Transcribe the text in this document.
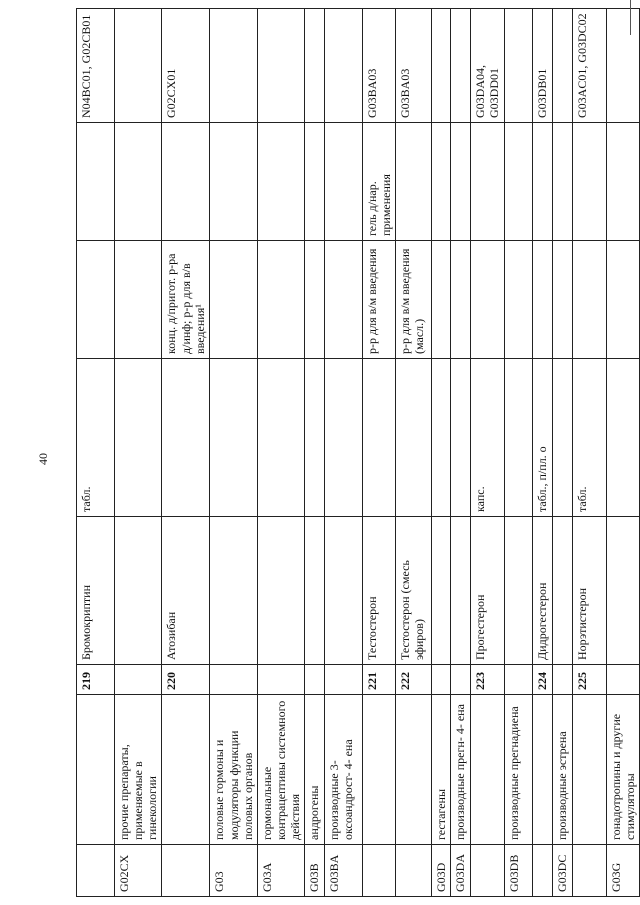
40
		219	Бромокриптин	табл.			N04BC01, G02CB01
G02CX	прочие препараты, применяемые в гинекологии						
		220	Атозибан		конц. д/пригот. р-ра д/инф; р-р для в/в введения¹		G02CX01
G03	половые гормоны и модуляторы функции половых органов						
G03A	гормональные контрацептивы системного действия						
G03B	андрогены						
G03BA	производные 3-оксоандрост- 4- ена						
		221	Тестостерон		р-р для в/м введения	гель д/нар. применения	G03BA03
		222	Тестостерон (смесь эфиров)		р-р для в/м введения (масл.)		G03BA03
G03D	гестагены						
G03DA	производные прегн- 4- ена						
		223	Прогестерон	капс.			G03DA04, G03DD01
G03DB	производные прегнадиена						
		224	Дидрогестерон	табл., п/пл. о			G03DB01
G03DC	производные эстрена						
		225	Норэтистерон	табл.			G03AC01, G03DC02
G03G	гонадотропины и другие стимуляторы						
